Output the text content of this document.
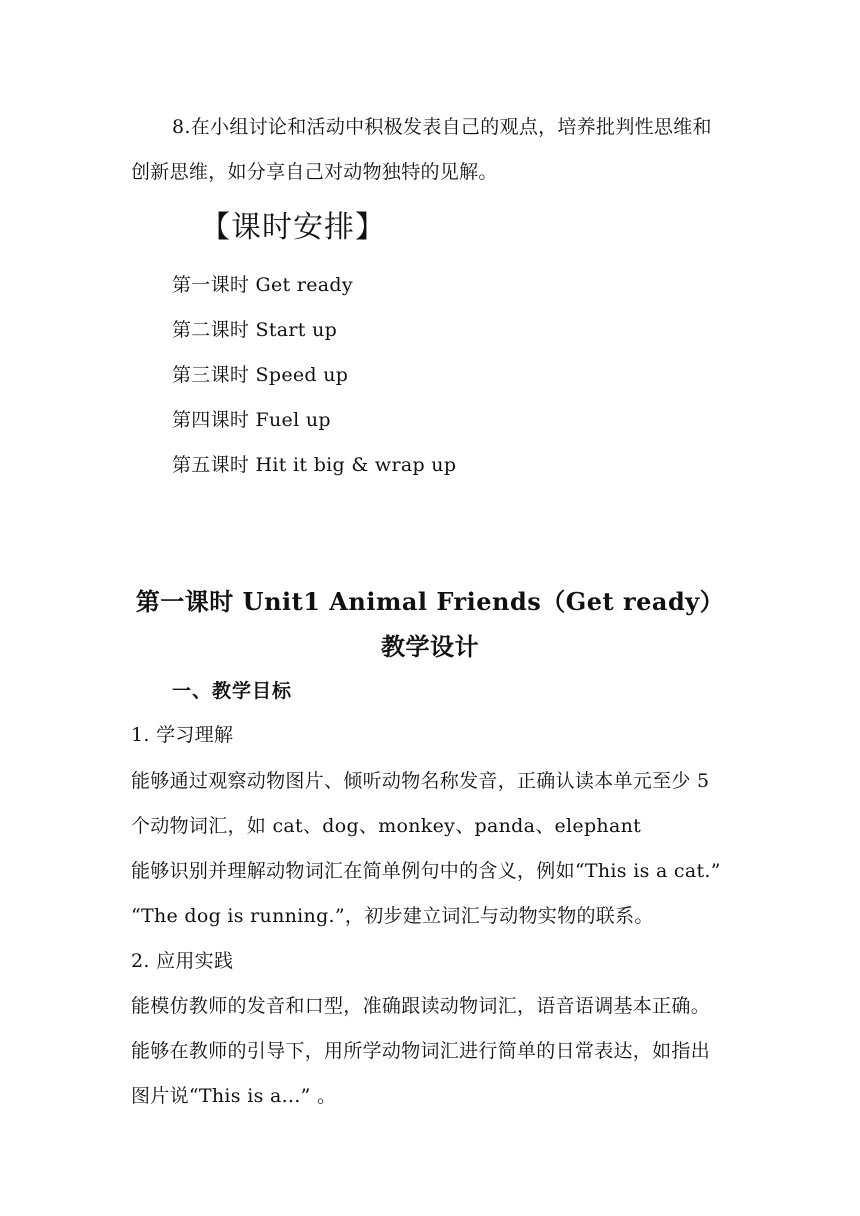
8.在小组讨论和活动中积极发表自己的观点，培养批判性思维和
创新思维，如分享自己对动物独特的见解。
【课时安排】
第一课时 Get ready
第二课时 Start up
第三课时 Speed up
第四课时 Fuel up
第五课时 Hit it big & wrap up
第一课时 Unit1 Animal Friends（Get ready）
教学设计
一、教学目标
1. 学习理解
能够通过观察动物图片、倾听动物名称发音，正确认读本单元至少 5
个动物词汇，如 cat、dog、monkey、panda、elephant
能够识别并理解动物词汇在简单例句中的含义，例如“This is a cat.”
“The dog is running.”，初步建立词汇与动物实物的联系。
2. 应用实践
能模仿教师的发音和口型，准确跟读动物词汇，语音语调基本正确。
能够在教师的引导下，用所学动物词汇进行简单的日常表达，如指出
图片说“This is a...” 。
